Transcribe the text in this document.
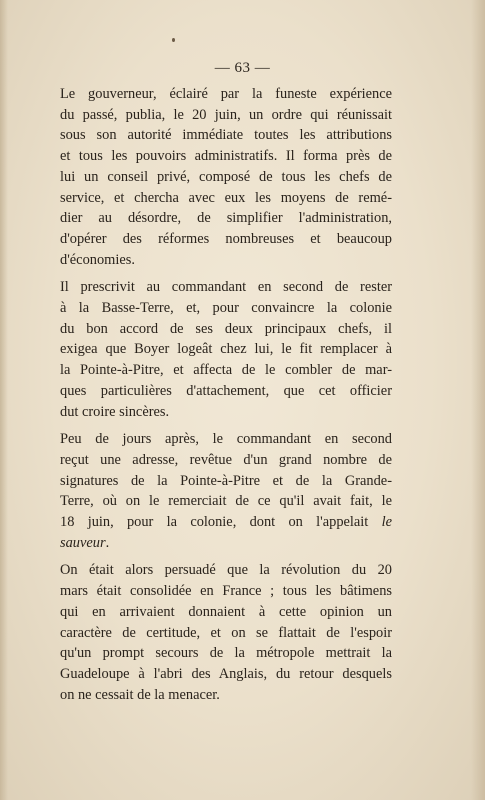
— 63 —

Le gouverneur, éclairé par la funeste expérience
du passé, publia, le 20 juin, un ordre qui réunissait
sous son autorité immédiate toutes les attributions
et tous les pouvoirs administratifs. Il forma près de
lui un conseil privé, composé de tous les chefs de
service, et chercha avec eux les moyens de remé-
dier au désordre, de simplifier l'administration,
d'opérer des réformes nombreuses et beaucoup
d'économies.

Il prescrivit au commandant en second de rester
à la Basse-Terre, et, pour convaincre la colonie
du bon accord de ses deux principaux chefs, il
exigea que Boyer logeât chez lui, le fit remplacer à
la Pointe-à-Pitre, et affecta de le combler de mar-
ques particulières d'attachement, que cet officier
dut croire sincères.

Peu de jours après, le commandant en second
reçut une adresse, revêtue d'un grand nombre de
signatures de la Pointe-à-Pitre et de la Grande-
Terre, où on le remerciait de ce qu'il avait fait, le
18 juin, pour la colonie, dont on l'appelait le
sauveur.

On était alors persuadé que la révolution du 20
mars était consolidée en France ; tous les bâtimens
qui en arrivaient donnaient à cette opinion un
caractère de certitude, et on se flattait de l'espoir
qu'un prompt secours de la métropole mettrait la
Guadeloupe à l'abri des Anglais, du retour desquels
on ne cessait de la menacer.
